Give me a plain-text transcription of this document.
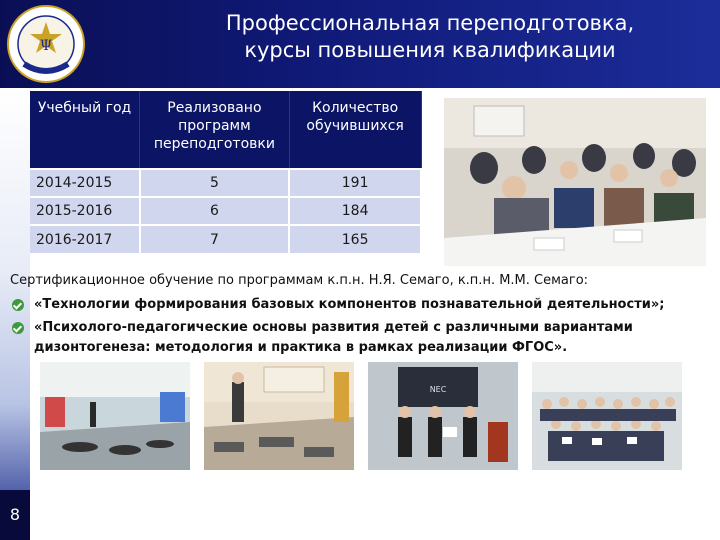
Ψ
Профессиональная переподготовка,
курсы повышения квалификации
8
Учебный год	Реализовано программ переподготовки	Количество обучившихся
2014-2015	5	191
2015-2016	6	184
2016-2017	7	165
Сертификационное обучение по программам к.п.н. Н.Я. Семаго, к.п.н. М.М. Семаго:
«Технологии формирования базовых компонентов познавательной деятельности»;
«Психолого-педагогические основы развития детей с различными вариантами
дизонтогенеза: методология и практика в рамках реализации ФГОС».
NEC
